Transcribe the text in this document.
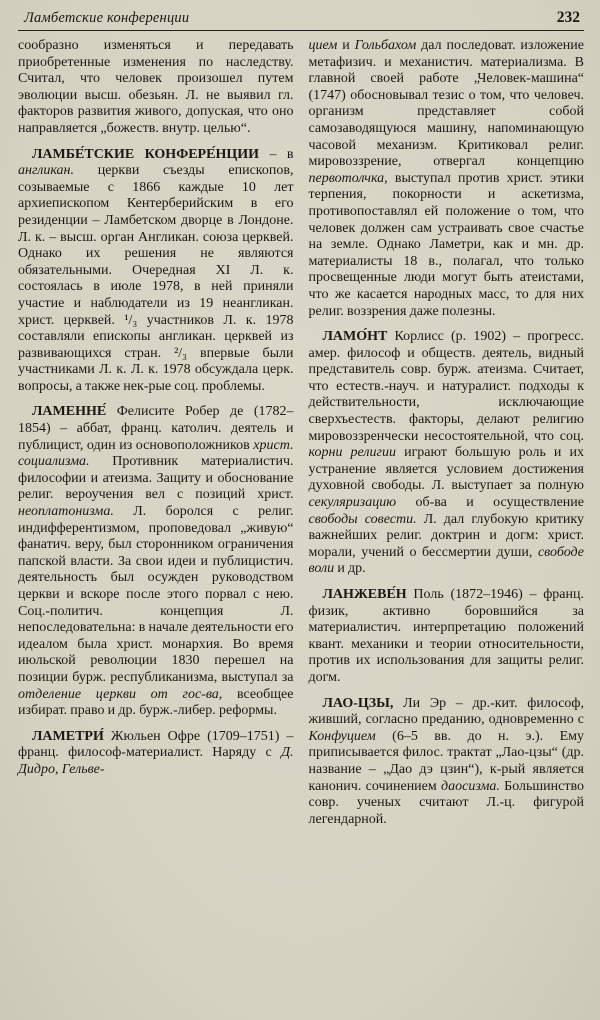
Ламбетские конференции	232

сообразно изменяться и передавать приобретенные изменения по наследству. Считал, что человек произошел путем эволюции высш. обезьян. Л. не выявил гл. факторов развития живого, допуская, что оно направляется „божеств. внутр. целью“.

ЛАМБЕ́ТСКИЕ КОНФЕРЕ́НЦИИ – в англикан. церкви съезды епископов, созываемые с 1866 каждые 10 лет архиепископом Кентерберийским в его резиденции – Ламбетском дворце в Лондоне. Л. к. – высш. орган Англикан. союза церквей. Однако их решения не являются обязательными. Очередная XI Л. к. состоялась в июле 1978, в ней приняли участие и наблюдатели из 19 неангликан. христ. церквей. ¹/₃ участников Л. к. 1978 составляли епископы англикан. церквей из развивающихся стран. ²/₃ впервые были участниками Л. к. Л. к. 1978 обсуждала церк. вопросы, а также нек-рые соц. проблемы.

ЛАМЕННЕ́ Фелисите Робер де (1782–1854) – аббат, франц. католич. деятель и публицист, один из основоположников христ. социализма. Противник материалистич. философии и атеизма. Защиту и обоснование религ. вероучения вел с позиций христ. неоплатонизма. Л. боролся с религ. индифферентизмом, проповедовал „живую“ фанатич. веру, был сторонником ограничения папской власти. За свои идеи и публицистич. деятельность был осужден руководством церкви и вскоре после этого порвал с нею. Соц.-политич. концепция Л. непоследовательна: в начале деятельности его идеалом была христ. монархия. Во время июльской революции 1830 перешел на позиции бурж. республиканизма, выступал за отделение церкви от гос-ва, всеобщее избират. право и др. бурж.-либер. реформы.

ЛАМЕТРИ́ Жюльен Офре (1709–1751) – франц. философ-материалист. Наряду с Д. Дидро, Гельве-

цием и Гольбахом дал последоват. изложение метафизич. и механистич. материализма. В главной своей работе „Человек-машина“ (1747) обосновывал тезис о том, что человеч. организм представляет собой самозаводящуюся машину, напоминающую часовой механизм. Критиковал религ. мировоззрение, отвергал концепцию первотолчка, выступал против христ. этики терпения, покорности и аскетизма, противопоставлял ей положение о том, что человек должен сам устраивать свое счастье на земле. Однако Ламетри, как и мн. др. материалисты 18 в., полагал, что только просвещенные люди могут быть атеистами, что же касается народных масс, то для них религ. воззрения даже полезны.

ЛАМО́НТ Корлисс (р. 1902) – прогресс. амер. философ и обществ. деятель, видный представитель совр. бурж. атеизма. Считает, что естеств.-науч. и натуралист. подходы к действительности, исключающие сверхъестеств. факторы, делают религию мировоззренчески несостоятельной, что соц. корни религии играют большую роль и их устранение является условием достижения духовной свободы. Л. выступает за полную секуляризацию об-ва и осуществление свободы совести. Л. дал глубокую критику важнейших религ. доктрин и догм: христ. морали, учений о бессмертии души, свободе воли и др.

ЛАНЖЕВЕ́Н Поль (1872–1946) – франц. физик, активно боровшийся за материалистич. интерпретацию положений квант. механики и теории относительности, против их использования для защиты религ. догм.

ЛАО-ЦЗЫ, Ли Эр – др.-кит. философ, живший, согласно преданию, одновременно с Конфуцием (6–5 вв. до н. э.). Ему приписывается филос. трактат „Лао-цзы“ (др. название – „Дао дэ цзин“), к-рый является канонич. сочинением даосизма. Большинство совр. ученых считают Л.-ц. фигурой легендарной.
